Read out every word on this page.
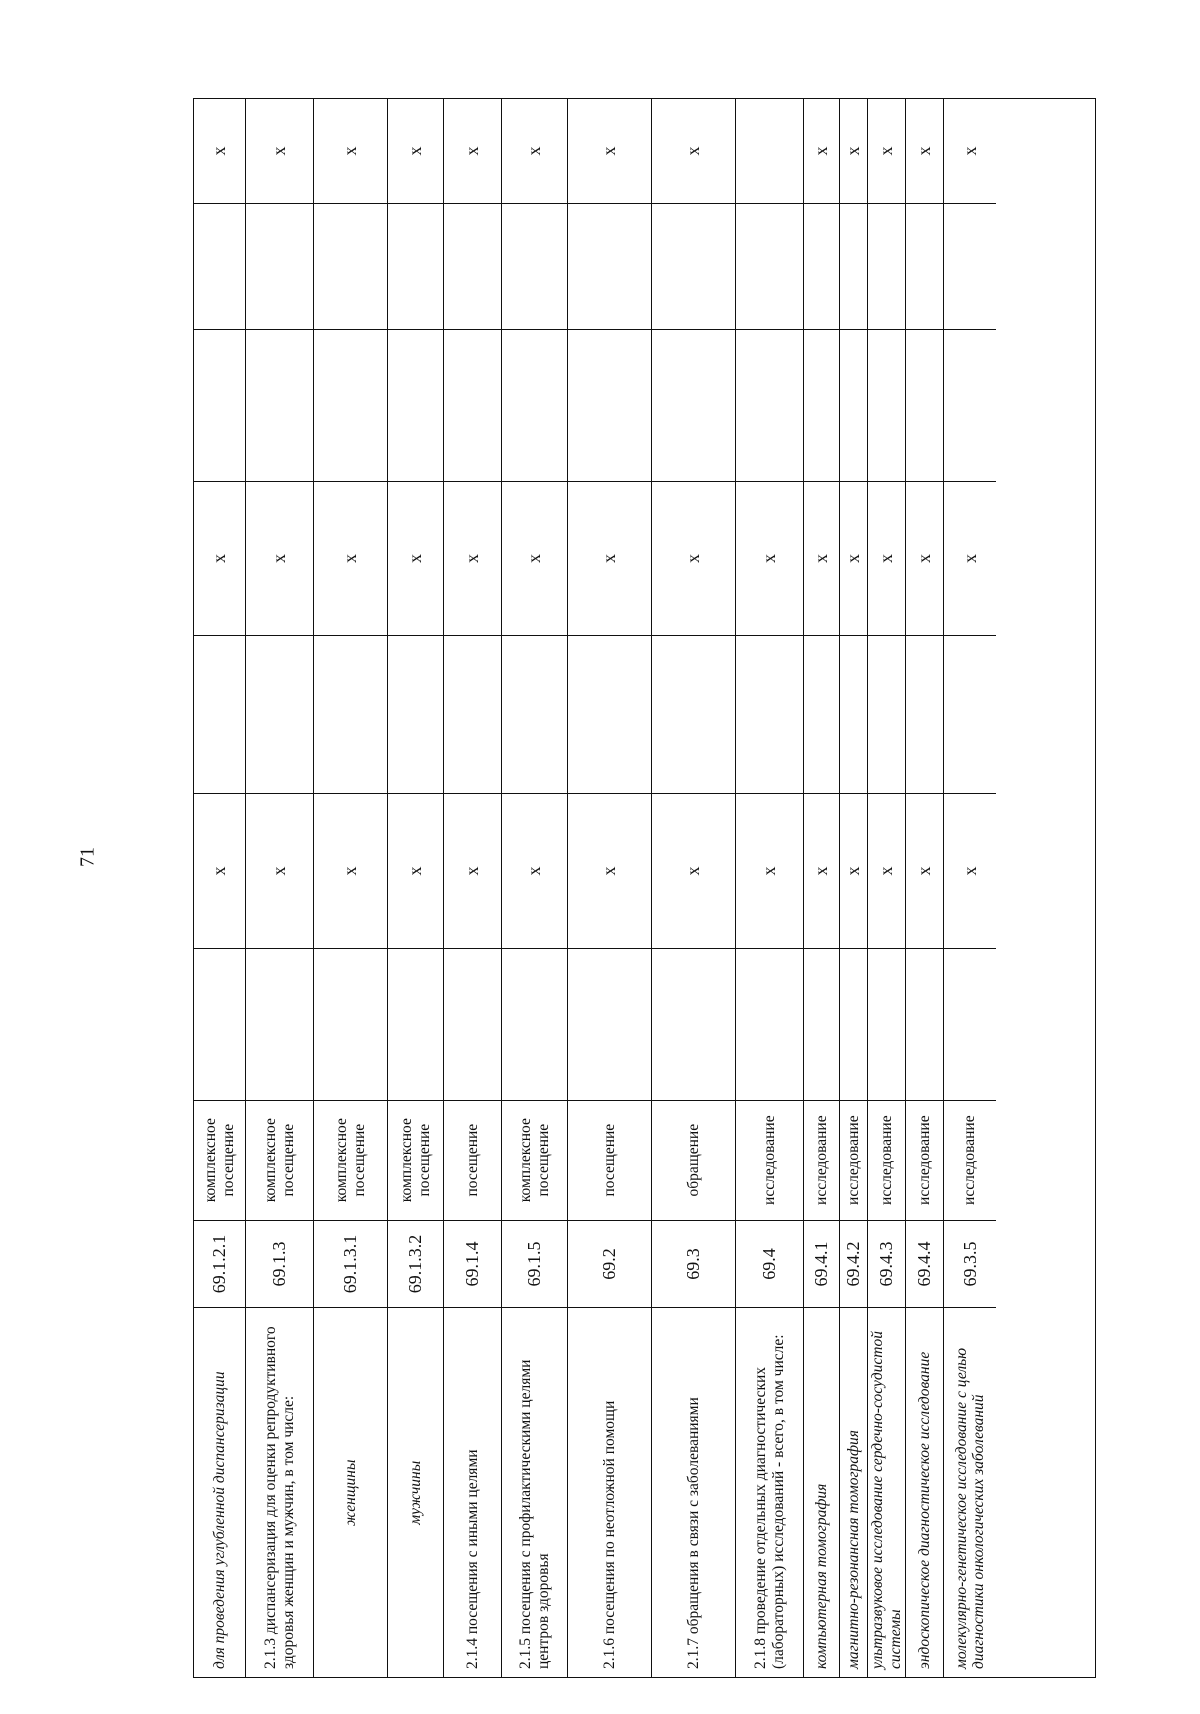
71
для проведения углубленной диспансеризации
69.1.2.1
комплексное посещение
х
х
х
2.1.3 диспансеризация для оценки репродуктивного здоровья женщин и мужчин, в том числе:
69.1.3
комплексное посещение
х
х
х
женщины
69.1.3.1
комплексное посещение
х
х
х
мужчины
69.1.3.2
комплексное посещение
х
х
х
2.1.4 посещения с иными целями
69.1.4
посещение
х
х
х
2.1.5 посещения с профилактическими целями центров здоровья
69.1.5
комплексное посещение
х
х
х
2.1.6 посещения по неотложной помощи
69.2
посещение
х
х
х
2.1.7 обращения в связи с заболеваниями
69.3
обращение
х
х
х
2.1.8 проведение отдельных диагностических (лабораторных) исследований - всего, в том числе:
69.4
исследование
х
х
компьютерная томография
69.4.1
исследование
х
х
х
магнитно-резонансная томография
69.4.2
исследование
х
х
х
ультразвуковое исследование сердечно-сосудистой системы
69.4.3
исследование
х
х
х
эндоскопическое диагностическое исследование
69.4.4
исследование
х
х
х
молекулярно-генетическое исследование с целью диагностики онкологических заболеваний
69.3.5
исследование
х
х
х
